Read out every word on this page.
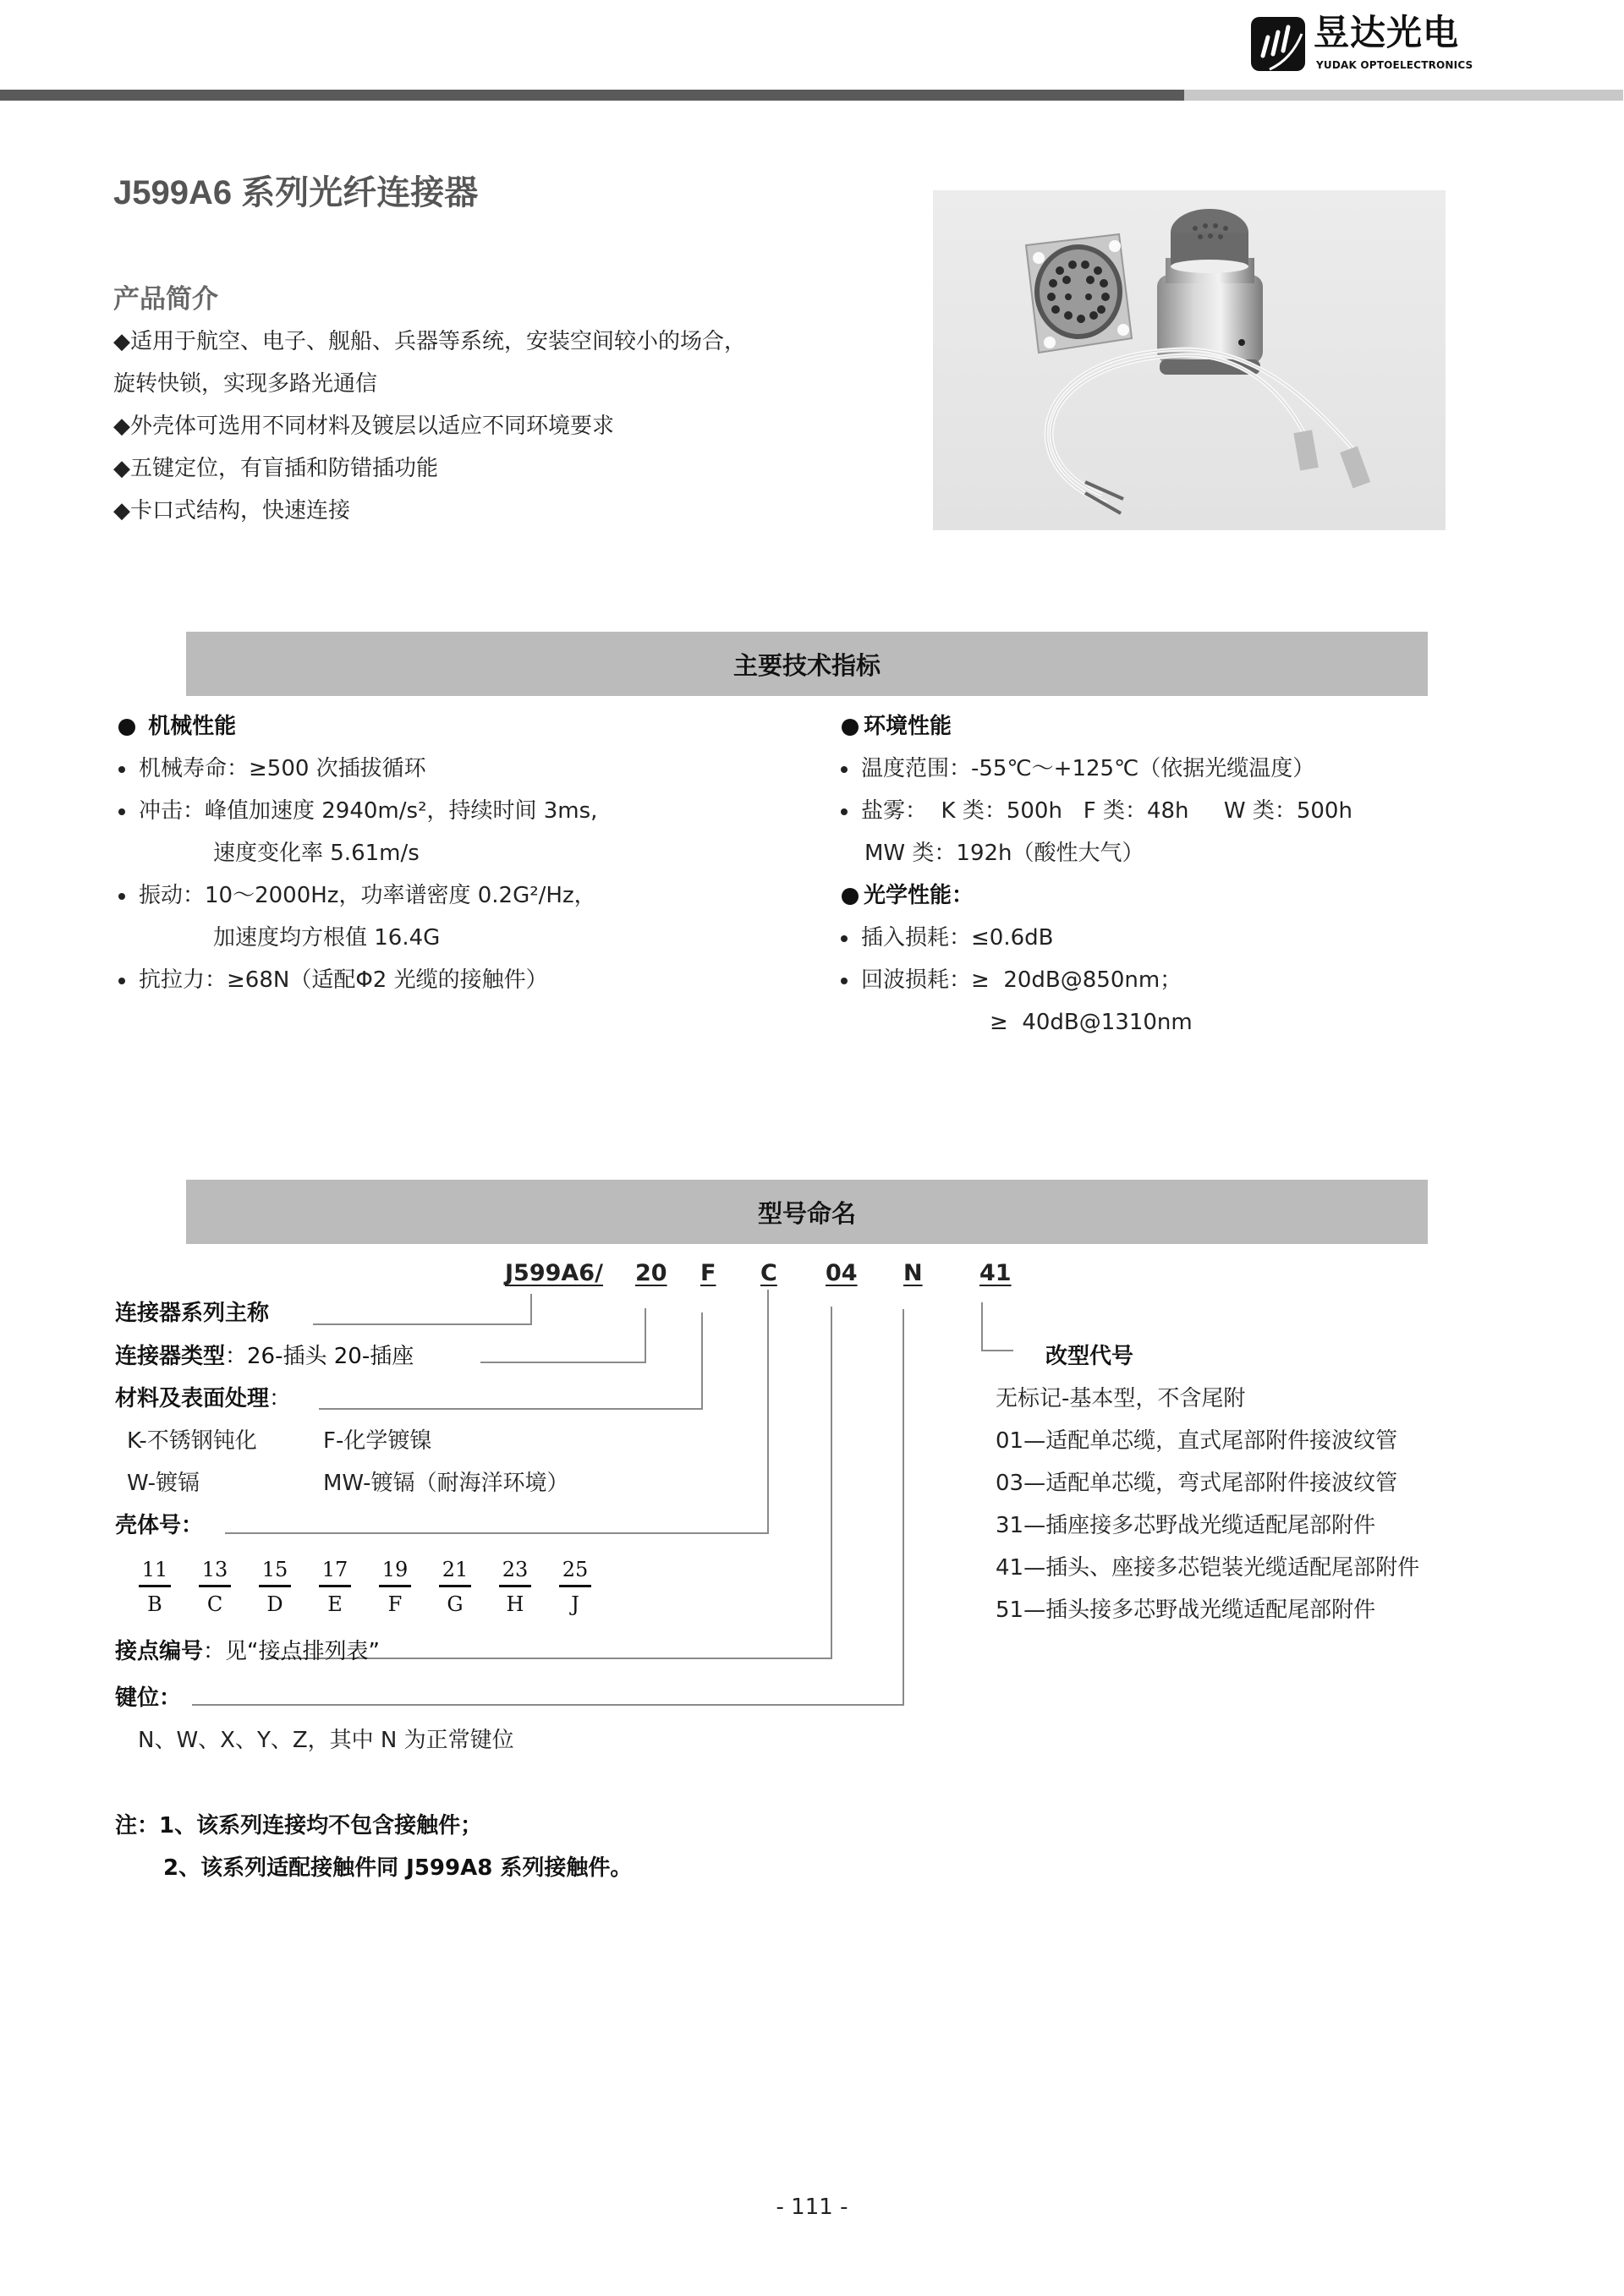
昱达光电
YUDAK OPTOELECTRONICS
J599A6 系列光纤连接器
产品简介
◆适用于航空、电子、舰船、兵器等系统，安装空间较小的场合，
旋转快锁，实现多路光通信
◆外壳体可选用不同材料及镀层以适应不同环境要求
◆五键定位，有盲插和防错插功能
◆卡口式结构，快速连接
主要技术指标
机械性能
机械寿命：≥500 次插拔循环
冲击：峰值加速度 2940m/s²，持续时间 3ms,
速度变化率 5.61m/s
振动：10～2000Hz，功率谱密度 0.2G²/Hz，
加速度均方根值 16.4G
抗拉力：≥68N（适配Φ2 光缆的接触件）
环境性能
温度范围：-55℃～+125℃（依据光缆温度）
盐雾：  K 类：500h   F 类：48h     W 类：500h
MW 类：192h（酸性大气）
光学性能：
插入损耗：≤0.6dB
回波损耗：≥  20dB@850nm；
≥  40dB@1310nm
型号命名
J599A6/ 20 F C 04 N 41
连接器系列主称
连接器类型：26-插头 20-插座
材料及表面处理：
K-不锈钢钝化	F-化学镀镍
W-镀镉	MW-镀镉（耐海洋环境）
壳体号：
11
B
13
C
15
D
17
E
19
F
21
G
23
H
25
J
接点编号：见“接点排列表”
键位：
N、W、X、Y、Z，其中 N 为正常键位
改型代号
无标记-基本型，不含尾附
01—适配单芯缆，直式尾部附件接波纹管
03—适配单芯缆，弯式尾部附件接波纹管
31—插座接多芯野战光缆适配尾部附件
41—插头、座接多芯铠装光缆适配尾部附件
51—插头接多芯野战光缆适配尾部附件
注：1、该系列连接均不包含接触件；
2、该系列适配接触件同 J599A8 系列接触件。
- 111 -
